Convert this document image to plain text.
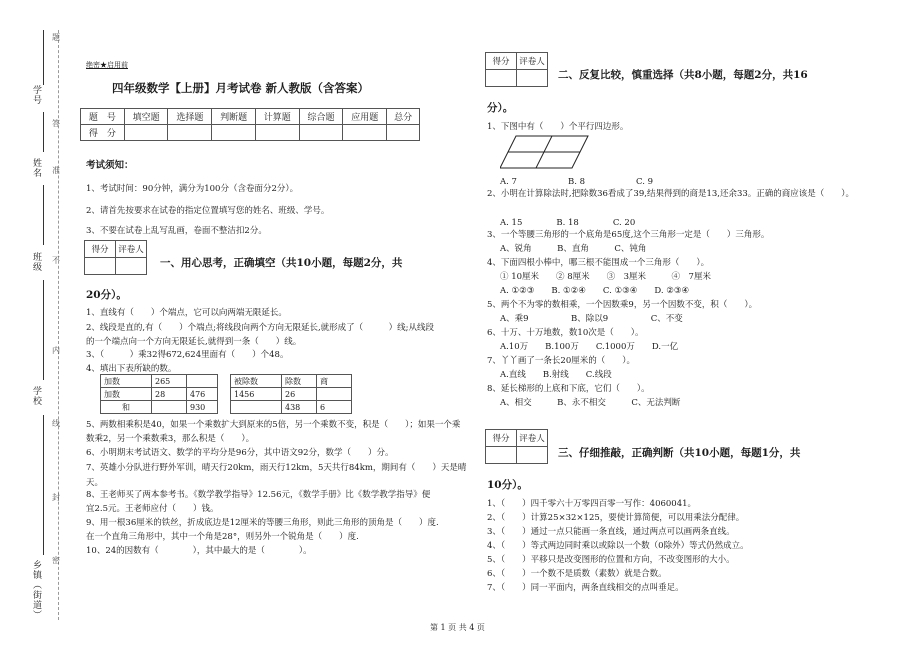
学号
姓名
班级
学校
乡镇（街道）
题
答
准
不
内
线
封
密
绝密★启用前
四年级数学【上册】月考试卷 新人教版（含答案）
题　号	填空题	选择题	判断题	计算题	综合题	应用题	总分
得　分							
考试须知：
1、考试时间：90分钟，满分为100分（含卷面分2分）。
2、请首先按要求在试卷的指定位置填写您的姓名、班级、学号。
3、不要在试卷上乱写乱画，卷面不整洁扣2分。
得分	评卷人

一、用心思考，正确填空（共10小题，每题2分，共
20分）。
1、直线有（　　）个端点，它可以向两端无限延长。
2、线段是直的,有（　　）个端点;将线段向两个方向无限延长,就形成了（　　　）线;从线段
的一个端点向一个方向无限延长,就得到一条（　　）线。
3、（　　　）乘32得672,624里面有（　　）个48。
4、填出下表所缺的数。
加数	265	
加数	28	476
和		930
被除数	除数	商
1456	26	
	438	6
5、两数相乘积是40，如果一个乘数扩大到原来的5倍，另一个乘数不变，积是（　　）；如果一个乘
数乘2，另一个乘数乘3，那么积是（　　）。
6、小明期末考试语文、数学的平均分是96分，其中语文92分，数学（　　）分。
7、英雄小分队进行野外军训，晴天行20km，雨天行12km，5天共行84km，期间有（　　）天是晴
天。
8、王老师买了两本参考书。《数学教学指导》12.56元，《数学手册》比《数学教学指导》便
宜2.5元。王老师应付（　　）钱。
9、用一根36厘米的铁丝，折成底边是12厘米的等腰三角形，则此三角形的顶角是（　　）度.
在一个直角三角形中，其中一个角是28°，则另外一个锐角是（　　）度.
10、24的因数有（　　　　），其中最大的是（　　　　）。
得分	评卷人

二、反复比较，慎重选择（共8小题，每题2分，共16
分）。
1、下图中有（　　）个平行四边形。
A. 7　　　　　　B. 8　　　　　　C. 9
2、小明在计算除法时,把除数36看成了39,结果得到的商是13,还余33。正确的商应该是（　　）。
A. 15　　　　B. 18　　　　C. 20
3、一个等腰三角形的一个底角是65度,这个三角形一定是（　　）三角形。
A、锐角　　　B、直角　　　C、钝角
4、下面四根小棒中，哪三根不能围成一个三角形（　　）。
① 10厘米　　② 8厘米　　③　3厘米　　　④　7厘米
A. ①②③　　B. ①②④　　C. ①③④　　D. ②③④
5、两个不为零的数相乘，一个因数乘9，另一个因数不变，积（　　）。
A、乘9　　　　　B、除以9　　　　　C、不变
6、十万、十万地数，数10次是（　　）。
A.10万　　B.100万　　C.1000万　　D.一亿
7、丫丫画了一条长20厘米的（　　）。
A.直线　　B.射线　　C.线段
8、延长梯形的上底和下底，它们（　　）。
A、相交　　　B、永不相交　　　C、无法判断
得分	评卷人

三、仔细推敲，正确判断（共10小题，每题1分，共
10分）。
1、（　　）四千零六十万零四百零一写作：4060041。
2、（　　）计算25×32×125，要使计算简便，可以用乘法分配律。
3、（　　）通过一点只能画一条直线，通过两点可以画两条直线。
4、（　　）等式两边同时乘以或除以一个数（0除外）等式仍然成立。
5、（　　）平移只是改变图形的位置和方向，不改变图形的大小。
6、（　　）一个数不是质数（素数）就是合数。
7、（　　）同一平面内，两条直线相交的点叫垂足。
第 1 页 共 4 页
